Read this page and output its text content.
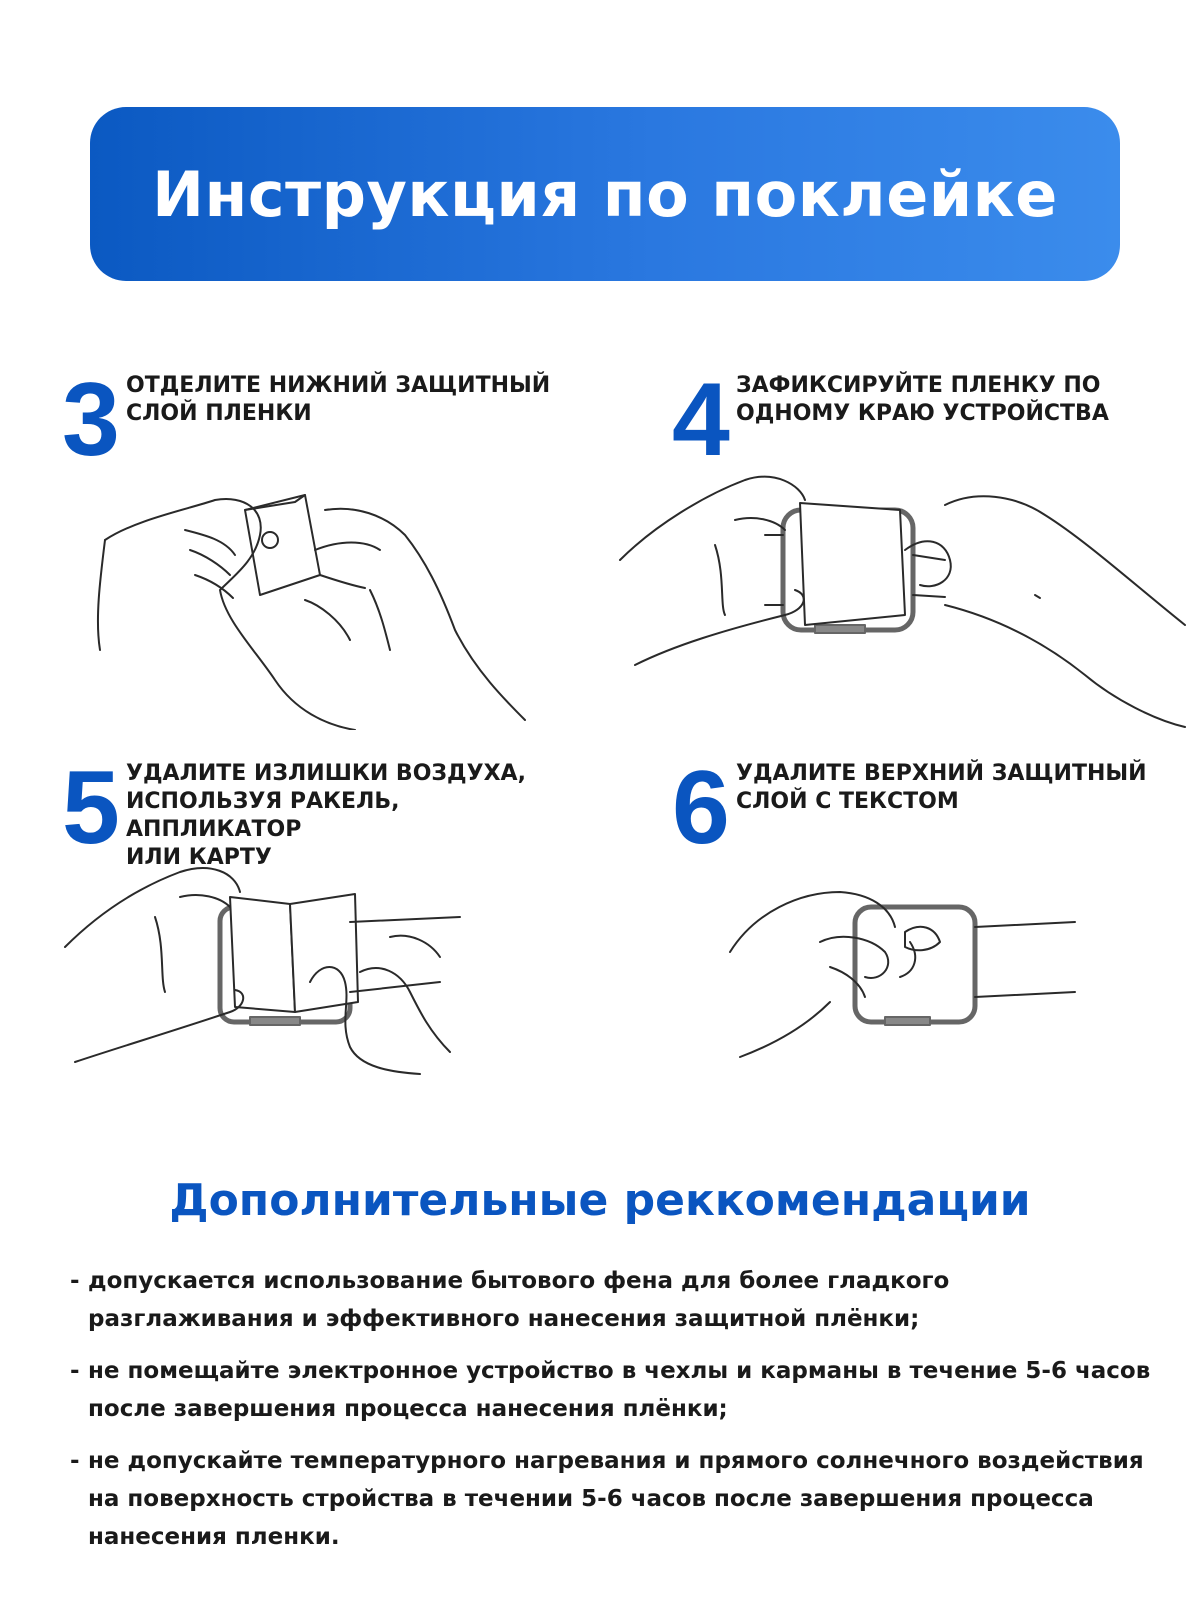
Инструкция по поклейке
3 ОТДЕЛИТЕ НИЖНИЙ ЗАЩИТНЫЙ
СЛОЙ ПЛЕНКИ	4 ЗАФИКСИРУЙТЕ ПЛЕНКУ ПО
ОДНОМУ КРАЮ УСТРОЙСТВА
5 УДАЛИТЕ ИЗЛИШКИ ВОЗДУХА,
ИСПОЛЬЗУЯ РАКЕЛЬ, АППЛИКАТОР
ИЛИ КАРТУ	6 УДАЛИТЕ ВЕРХНИЙ ЗАЩИТНЫЙ
СЛОЙ С ТЕКСТОМ
Дополнительные реккомендации
- допускается использование бытового фена для более гладкого разглаживания и эффективного нанесения защитной плёнки;
- не помещайте электронное устройство в чехлы и карманы в течение 5-6 часов после завершения процесса нанесения плёнки;
- не допускайте температурного нагревания и прямого солнечного воздействия на поверхность стройства в течении 5-6 часов после завершения процесса нанесения пленки.
